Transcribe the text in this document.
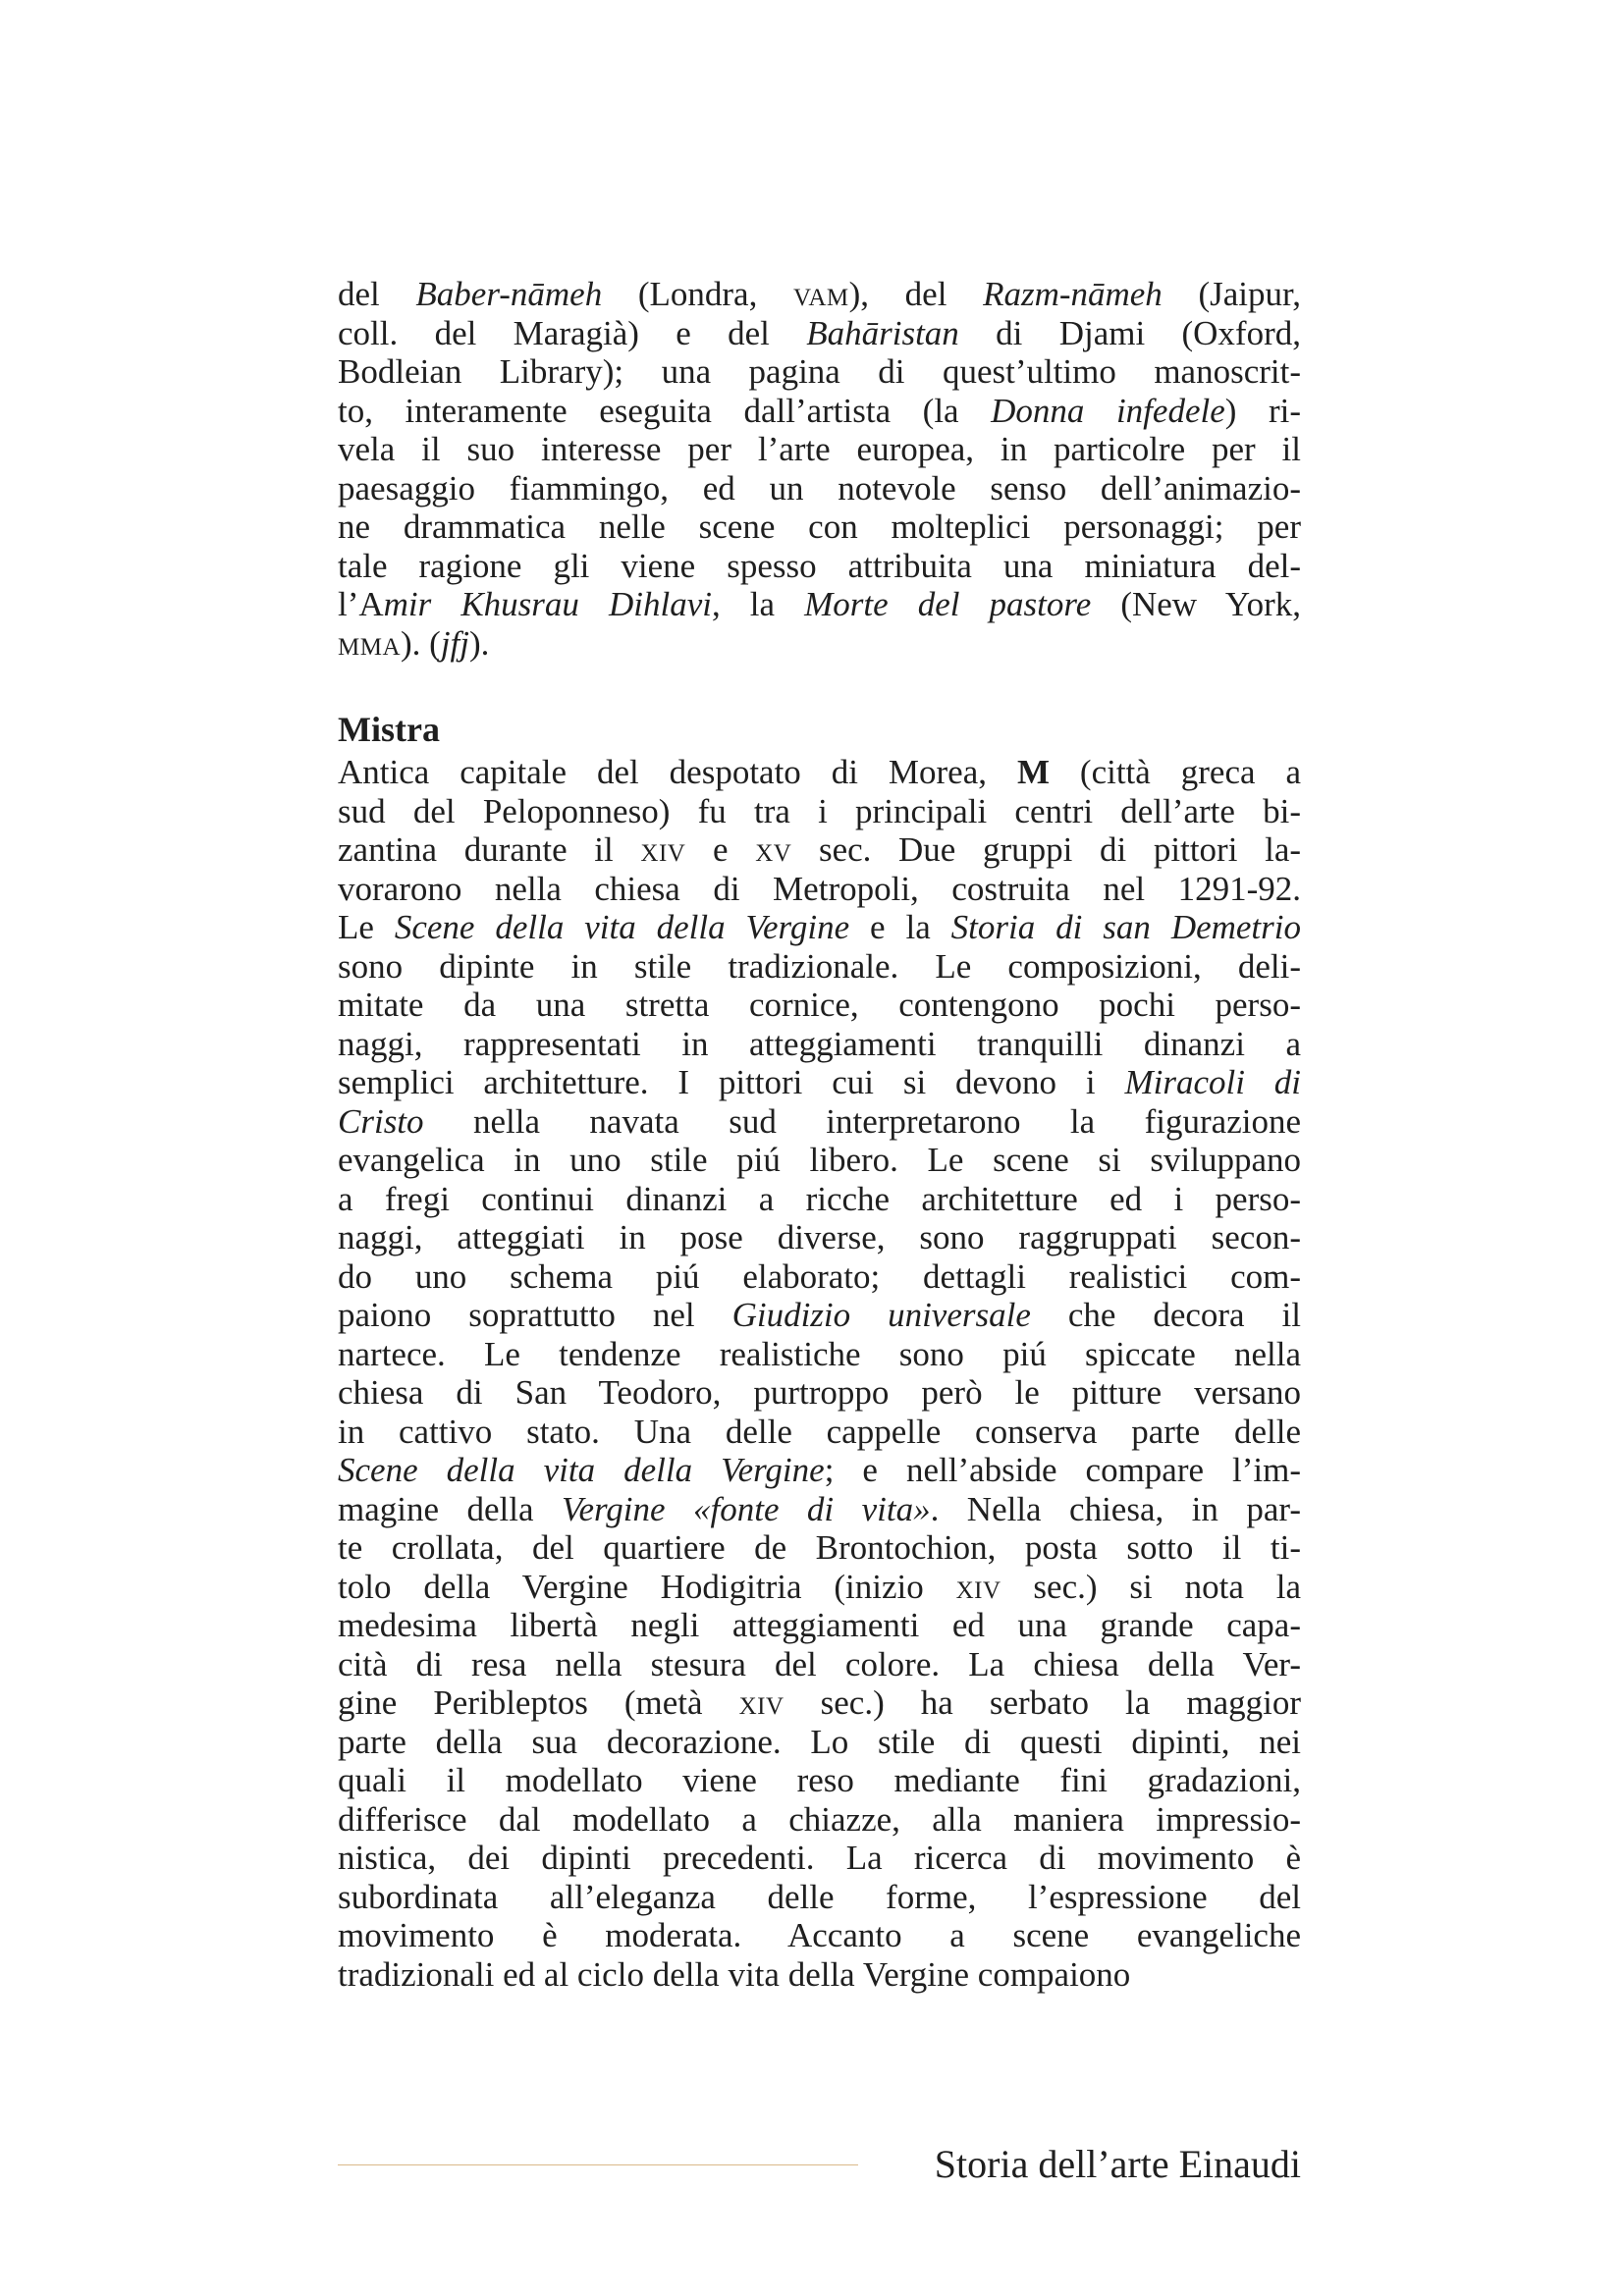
del Baber-nāmeh (Londra, vam), del Razm-nāmeh (Jaipur,
coll. del Maragià) e del Bahāristan di Djami (Oxford,
Bodleian Library); una pagina di quest’ultimo manoscrit-
to, interamente eseguita dall’artista (la Donna infedele) ri-
vela il suo interesse per l’arte europea, in particolre per il
paesaggio fiammingo, ed un notevole senso dell’animazio-
ne drammatica nelle scene con molteplici personaggi; per
tale ragione gli viene spesso attribuita una miniatura del-
l’Amir Khusrau Dihlavi, la Morte del pastore (New York,
mma). (jfj).
Mistra
Antica capitale del despotato di Morea, M (città greca a
sud del Peloponneso) fu tra i principali centri dell’arte bi-
zantina durante il xiv e xv sec. Due gruppi di pittori la-
vorarono nella chiesa di Metropoli, costruita nel 1291-92.
Le Scene della vita della Vergine e la Storia di san Demetrio
sono dipinte in stile tradizionale. Le composizioni, deli-
mitate da una stretta cornice, contengono pochi perso-
naggi, rappresentati in atteggiamenti tranquilli dinanzi a
semplici architetture. I pittori cui si devono i Miracoli di
Cristo nella navata sud interpretarono la figurazione
evangelica in uno stile piú libero. Le scene si sviluppano
a fregi continui dinanzi a ricche architetture ed i perso-
naggi, atteggiati in pose diverse, sono raggruppati secon-
do uno schema piú elaborato; dettagli realistici com-
paiono soprattutto nel Giudizio universale che decora il
nartece. Le tendenze realistiche sono piú spiccate nella
chiesa di San Teodoro, purtroppo però le pitture versano
in cattivo stato. Una delle cappelle conserva parte delle
Scene della vita della Vergine; e nell’abside compare l’im-
magine della Vergine «fonte di vita». Nella chiesa, in par-
te crollata, del quartiere de Brontochion, posta sotto il ti-
tolo della Vergine Hodigitria (inizio xiv sec.) si nota la
medesima libertà negli atteggiamenti ed una grande capa-
cità di resa nella stesura del colore. La chiesa della Ver-
gine Peribleptos (metà xiv sec.) ha serbato la maggior
parte della sua decorazione. Lo stile di questi dipinti, nei
quali il modellato viene reso mediante fini gradazioni,
differisce dal modellato a chiazze, alla maniera impressio-
nistica, dei dipinti precedenti. La ricerca di movimento è
subordinata all’eleganza delle forme, l’espressione del
movimento è moderata. Accanto a scene evangeliche
tradizionali ed al ciclo della vita della Vergine compaiono
Storia dell’arte Einaudi
